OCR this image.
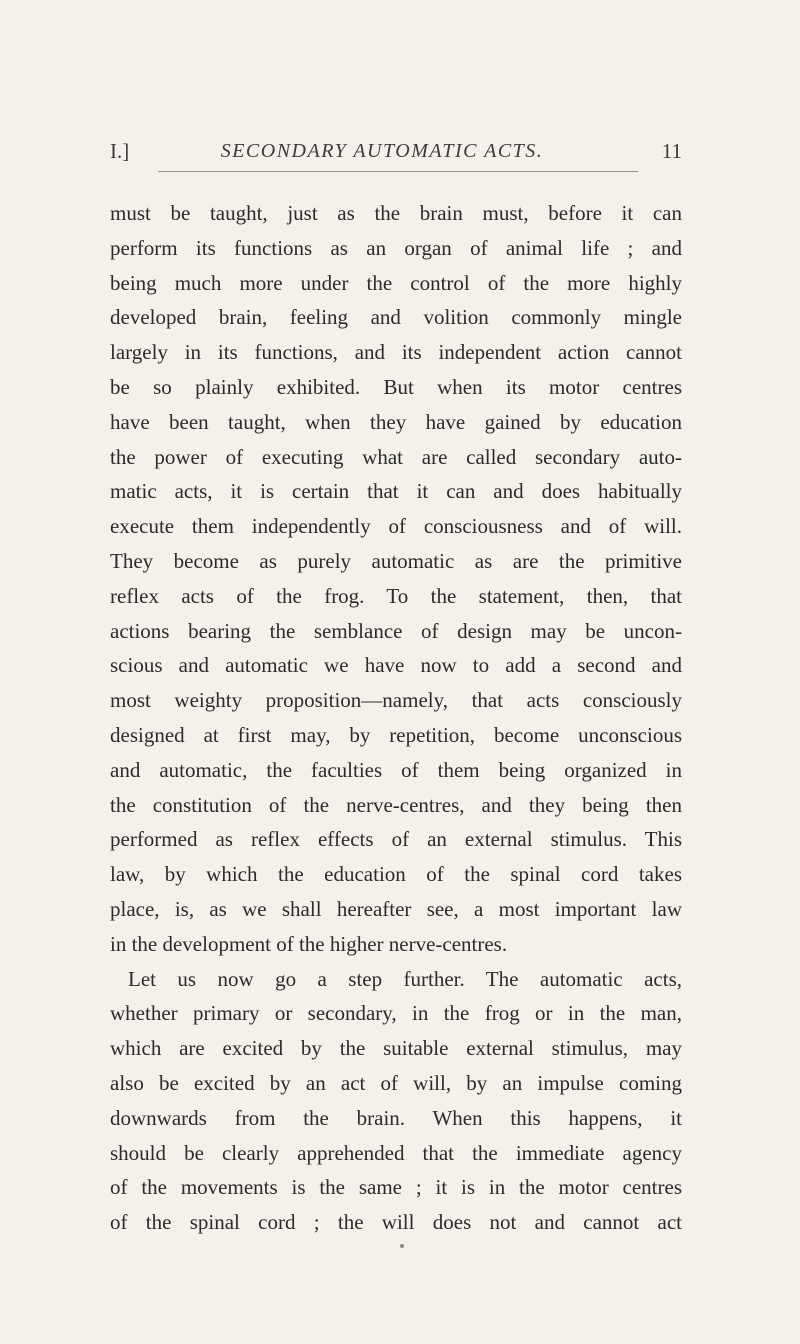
I.]	SECONDARY AUTOMATIC ACTS.	11
must be taught, just as the brain must, before it can
perform its functions as an organ of animal life ; and
being much more under the control of the more highly
developed brain, feeling and volition commonly mingle
largely in its functions, and its independent action cannot
be so plainly exhibited. But when its motor centres
have been taught, when they have gained by education
the power of executing what are called secondary auto-
matic acts, it is certain that it can and does habitually
execute them independently of consciousness and of will.
They become as purely automatic as are the primitive
reflex acts of the frog. To the statement, then, that
actions bearing the semblance of design may be uncon-
scious and automatic we have now to add a second and
most weighty proposition—namely, that acts consciously
designed at first may, by repetition, become unconscious
and automatic, the faculties of them being organized in
the constitution of the nerve-centres, and they being then
performed as reflex effects of an external stimulus. This
law, by which the education of the spinal cord takes
place, is, as we shall hereafter see, a most important law
in the development of the higher nerve-centres.
Let us now go a step further. The automatic acts,
whether primary or secondary, in the frog or in the man,
which are excited by the suitable external stimulus, may
also be excited by an act of will, by an impulse coming
downwards from the brain. When this happens, it
should be clearly apprehended that the immediate agency
of the movements is the same ; it is in the motor centres
of the spinal cord ; the will does not and cannot act
